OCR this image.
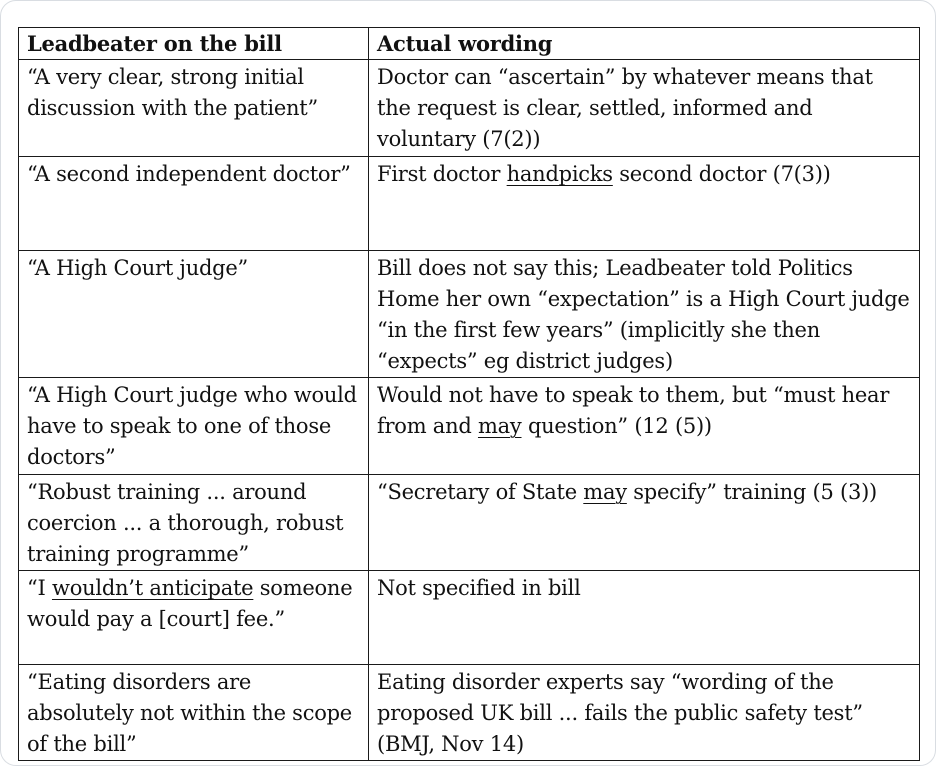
Leadbeater on the bill	Actual wording
“A very clear, strong initial discussion with the patient”	Doctor can “ascertain” by whatever means that the request is clear, settled, informed and voluntary (7(2))
“A second independent doctor”	First doctor handpicks second doctor (7(3))
“A High Court judge”	Bill does not say this; Leadbeater told Politics Home her own “expectation” is a High Court judge “in the first few years” (implicitly she then “expects” eg district judges)
“A High Court judge who would have to speak to one of those doctors”	Would not have to speak to them, but “must hear from and may question” (12 (5))
“Robust training ... around coercion ... a thorough, robust training programme”	“Secretary of State may specify” training (5 (3))
“I wouldn’t anticipate someone would pay a [court] fee.”	Not specified in bill
“Eating disorders are absolutely not within the scope of the bill”	Eating disorder experts say “wording of the proposed UK bill ... fails the public safety test” (BMJ, Nov 14)
